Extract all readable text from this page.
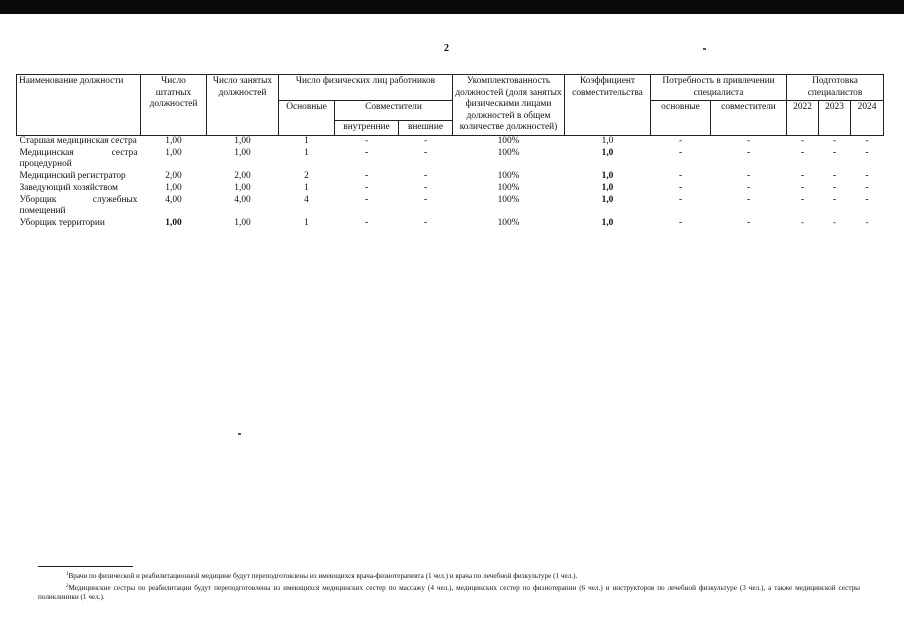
2
Наименование должности	Число штатных должностей	Число занятых должностей	Число физических лиц работников			Укомплектованность должностей (доля занятых физическими лицами должностей в общем количестве должностей)	Коэффициент совместительства	Потребность в привлечении специалиста		Подготовка специалистов		
			Основные	Совместители				основные	совместители	2022	2023	2024
				внутренние	внешние							
Старшая медицинская сестра	1,00	1,00	1	-	-	100%	1,0	-	-	-	-	-
Медицинская сестра процедурной	1,00	1,00	1	-	-	100%	1,0	-	-	-	-	-
Медицинский регистратор	2,00	2,00	2	-	-	100%	1,0	-	-	-	-	-
Заведующий хозяйством	1,00	1,00	1	-	-	100%	1,0	-	-	-	-	-
Уборщик служебных помещений	4,00	4,00	4	-	-	100%	1,0	-	-	-	-	-
Уборщик территории	1,00	1,00	1	-	-	100%	1,0	-	-	-	-	-

$^1$Врачи по физической и реабилитационной медицине будут переподготовлены из имеющихся врача-физиотерапевта (1 чел.) и врача по лечебной физкультуре (1 чел.).

$^2$Медицинские сестры по реабилитации будут переподготовлены из имеющихся медицинских сестер по массажу (4 чел.), медицинских сестер по физиотерапии (6 чел.) и инструкторов по лечебной физкультуре (3 чел.), а также медицинской сестры поликлиники (1 чел.).
